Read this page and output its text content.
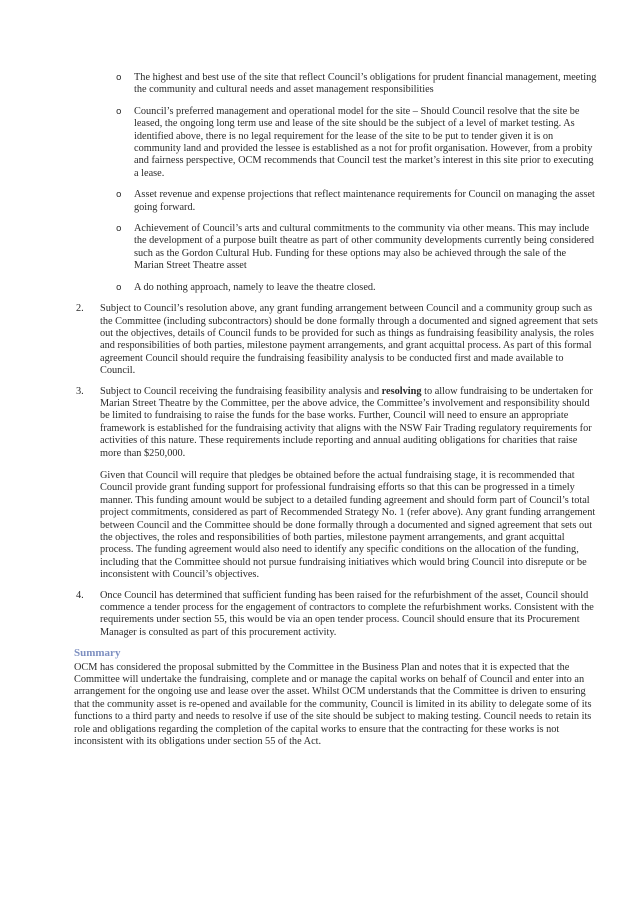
o The highest and best use of the site that reflect Council’s obligations for prudent financial management, meeting the community and cultural needs and asset management responsibilities
o Council’s preferred management and operational model for the site – Should Council resolve that the site be leased, the ongoing long term use and lease of the site should be the subject of a level of market testing. As identified above, there is no legal requirement for the lease of the site to be put to tender given it is on community land and provided the lessee is established as a not for profit organisation. However, from a probity and fairness perspective, OCM recommends that Council test the market’s interest in this site prior to executing a lease.
o Asset revenue and expense projections that reflect maintenance requirements for Council on managing the asset going forward.
o Achievement of Council’s arts and cultural commitments to the community via other means. This may include the development of a purpose built theatre as part of other community developments currently being considered such as the Gordon Cultural Hub. Funding for these options may also be achieved through the sale of the Marian Street Theatre asset
o A do nothing approach, namely to leave the theatre closed.
2. Subject to Council’s resolution above, any grant funding arrangement between Council and a community group such as the Committee (including subcontractors) should be done formally through a documented and signed agreement that sets out the objectives, details of Council funds to be provided for such as things as fundraising feasibility analysis, the roles and responsibilities of both parties, milestone payment arrangements, and grant acquittal process. As part of this formal agreement Council should require the fundraising feasibility analysis to be conducted first and made available to Council.

3. Subject to Council receiving the fundraising feasibility analysis and resolving to allow fundraising to be undertaken for Marian Street Theatre by the Committee, per the above advice, the Committee’s involvement and responsibility should be limited to fundraising to raise the funds for the base works. Further, Council will need to ensure an appropriate framework is established for the fundraising activity that aligns with the NSW Fair Trading regulatory requirements for activities of this nature. These requirements include reporting and annual auditing obligations for charities that raise more than $250,000.

Given that Council will require that pledges be obtained before the actual fundraising stage, it is recommended that Council provide grant funding support for professional fundraising efforts so that this can be progressed in a timely manner. This funding amount would be subject to a detailed funding agreement and should form part of Council’s total project commitments, considered as part of Recommended Strategy No. 1 (refer above). Any grant funding arrangement between Council and the Committee should be done formally through a documented and signed agreement that sets out the objectives, the roles and responsibilities of both parties, milestone payment arrangements, and grant acquittal process. The funding agreement would also need to identify any specific conditions on the allocation of the funding, including that the Committee should not pursue fundraising initiatives which would bring Council into disrepute or be inconsistent with Council’s objectives.

4. Once Council has determined that sufficient funding has been raised for the refurbishment of the asset, Council should commence a tender process for the engagement of contractors to complete the refurbishment works. Consistent with the requirements under section 55, this would be via an open tender process. Council should ensure that its Procurement Manager is consulted as part of this procurement activity.

Summary

OCM has considered the proposal submitted by the Committee in the Business Plan and notes that it is expected that the Committee will undertake the fundraising, complete and or manage the capital works on behalf of Council and enter into an arrangement for the ongoing use and lease over the asset. Whilst OCM understands that the Committee is driven to ensuring that the community asset is re-opened and available for the community, Council is limited in its ability to delegate some of its functions to a third party and needs to resolve if use of the site should be subject to making testing. Council needs to retain its role and obligations regarding the completion of the capital works to ensure that the contracting for these works is not inconsistent with its obligations under section 55 of the Act.
